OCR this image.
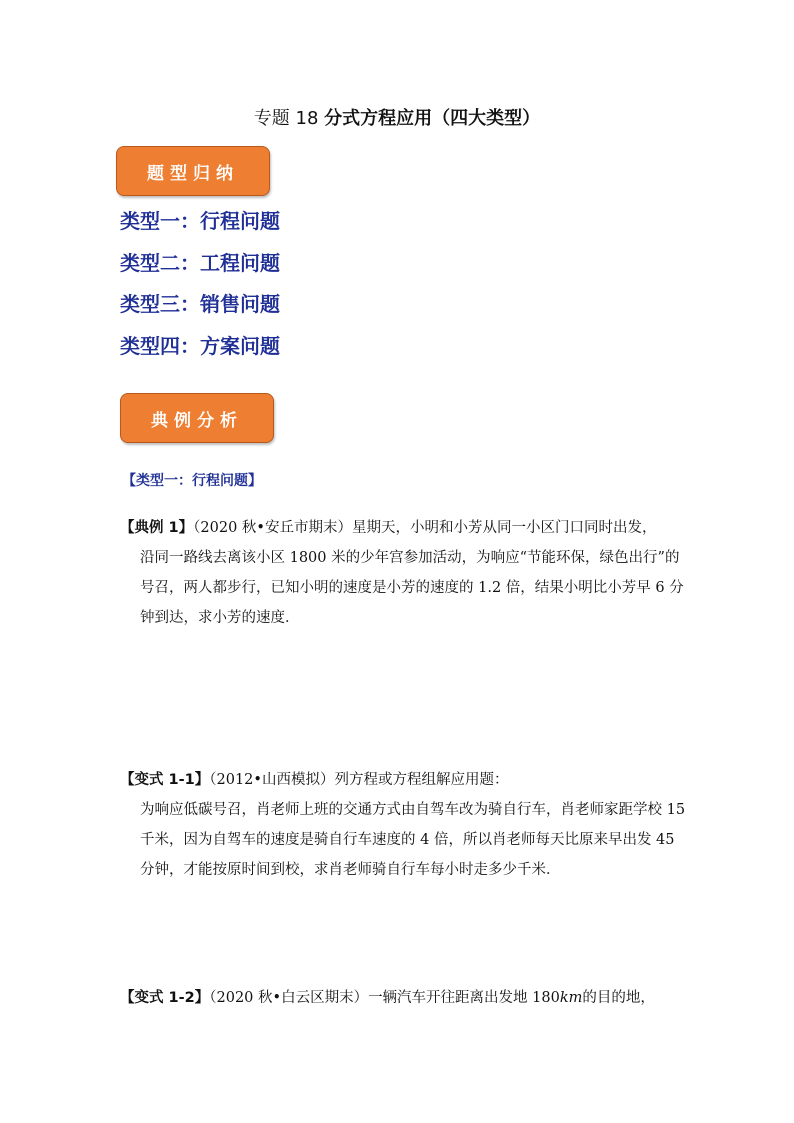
专题 18 分式方程应用（四大类型）
题型归纳
类型一：行程问题
类型二：工程问题
类型三：销售问题
类型四：方案问题
典例分析
【类型一：行程问题】
【典例 1】（2020 秋•安丘市期末）星期天，小明和小芳从同一小区门口同时出发，
沿同一路线去离该小区 1800 米的少年宫参加活动，为响应“节能环保，绿色出行”的号召，两人都步行，已知小明的速度是小芳的速度的 1.2 倍，结果小明比小芳早 6 分钟到达，求小芳的速度．
【变式 1-1】（2012•山西模拟）列方程或方程组解应用题：
为响应低碳号召，肖老师上班的交通方式由自驾车改为骑自行车，肖老师家距学校 15 千米，因为自驾车的速度是骑自行车速度的 4 倍，所以肖老师每天比原来早出发 45 分钟，才能按原时间到校，求肖老师骑自行车每小时走多少千米．
【变式 1-2】（2020 秋•白云区期末）一辆汽车开往距离出发地 180km的目的地，
